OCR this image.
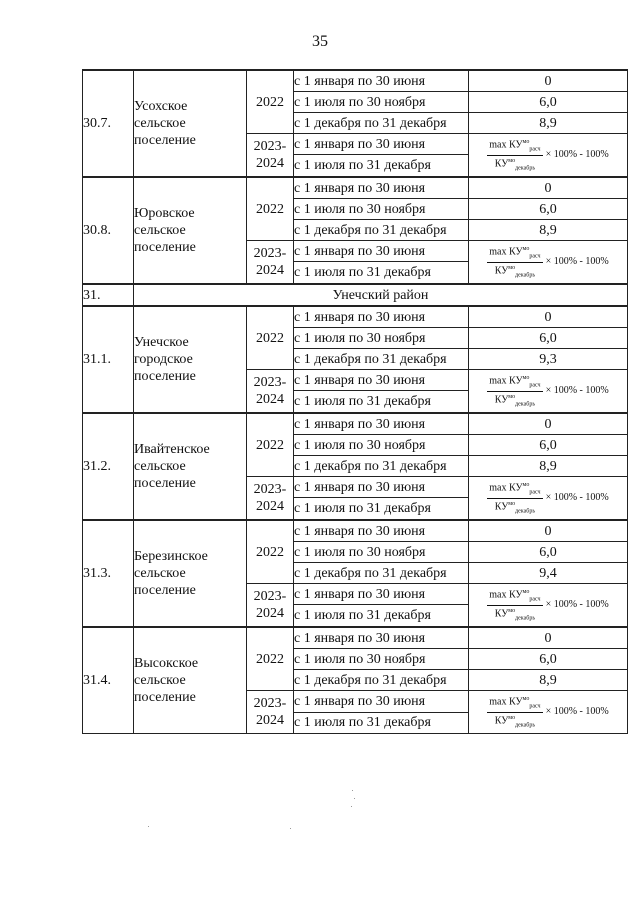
35
30.7.	Усохское
сельское
поселение	2022	с 1 января по 30 июня	0
			с 1 июля по 30 ноября	6,0
			с 1 декабря по 31 декабря	8,9
		2023-
2024	с 1 января по 30 июня	$\frac{\max КУ^{мо}_{расч}}{КУ^{мо}_{декабрь}} \times 100\% - 100\%$

			с 1 июля по 31 декабря	
30.8.	Юровское
сельское
поселение	2022	с 1 января по 30 июня	0
			с 1 июля по 30 ноября	6,0
			с 1 декабря по 31 декабря	8,9
		2023-
2024	с 1 января по 30 июня	$\frac{\max КУ^{мо}_{расч}}{КУ^{мо}_{декабрь}} \times 100\% - 100\%$

			с 1 июля по 31 декабря	
31.	Унечский район			
31.1.	Унечское
городское
поселение	2022	с 1 января по 30 июня	0
			с 1 июля по 30 ноября	6,0
			с 1 декабря по 31 декабря	9,3
		2023-
2024	с 1 января по 30 июня	$\frac{\max КУ^{мо}_{расч}}{КУ^{мо}_{декабрь}} \times 100\% - 100\%$

			с 1 июля по 31 декабря	
31.2.	Ивайтенское
сельское
поселение	2022	с 1 января по 30 июня	0
			с 1 июля по 30 ноября	6,0
			с 1 декабря по 31 декабря	8,9
		2023-
2024	с 1 января по 30 июня	$\frac{\max КУ^{мо}_{расч}}{КУ^{мо}_{декабрь}} \times 100\% - 100\%$

			с 1 июля по 31 декабря	
31.3.	Березинское
сельское
поселение	2022	с 1 января по 30 июня	0
			с 1 июля по 30 ноября	6,0
			с 1 декабря по 31 декабря	9,4
		2023-
2024	с 1 января по 30 июня	$\frac{\max КУ^{мо}_{расч}}{КУ^{мо}_{декабрь}} \times 100\% - 100\%$

			с 1 июля по 31 декабря	
31.4.	Высокское
сельское
поселение	2022	с 1 января по 30 июня	0
			с 1 июля по 30 ноября	6,0
			с 1 декабря по 31 декабря	8,9
		2023-
2024	с 1 января по 30 июня	$\frac{\max КУ^{мо}_{расч}}{КУ^{мо}_{декабрь}} \times 100\% - 100\%$

			с 1 июля по 31 декабря	
